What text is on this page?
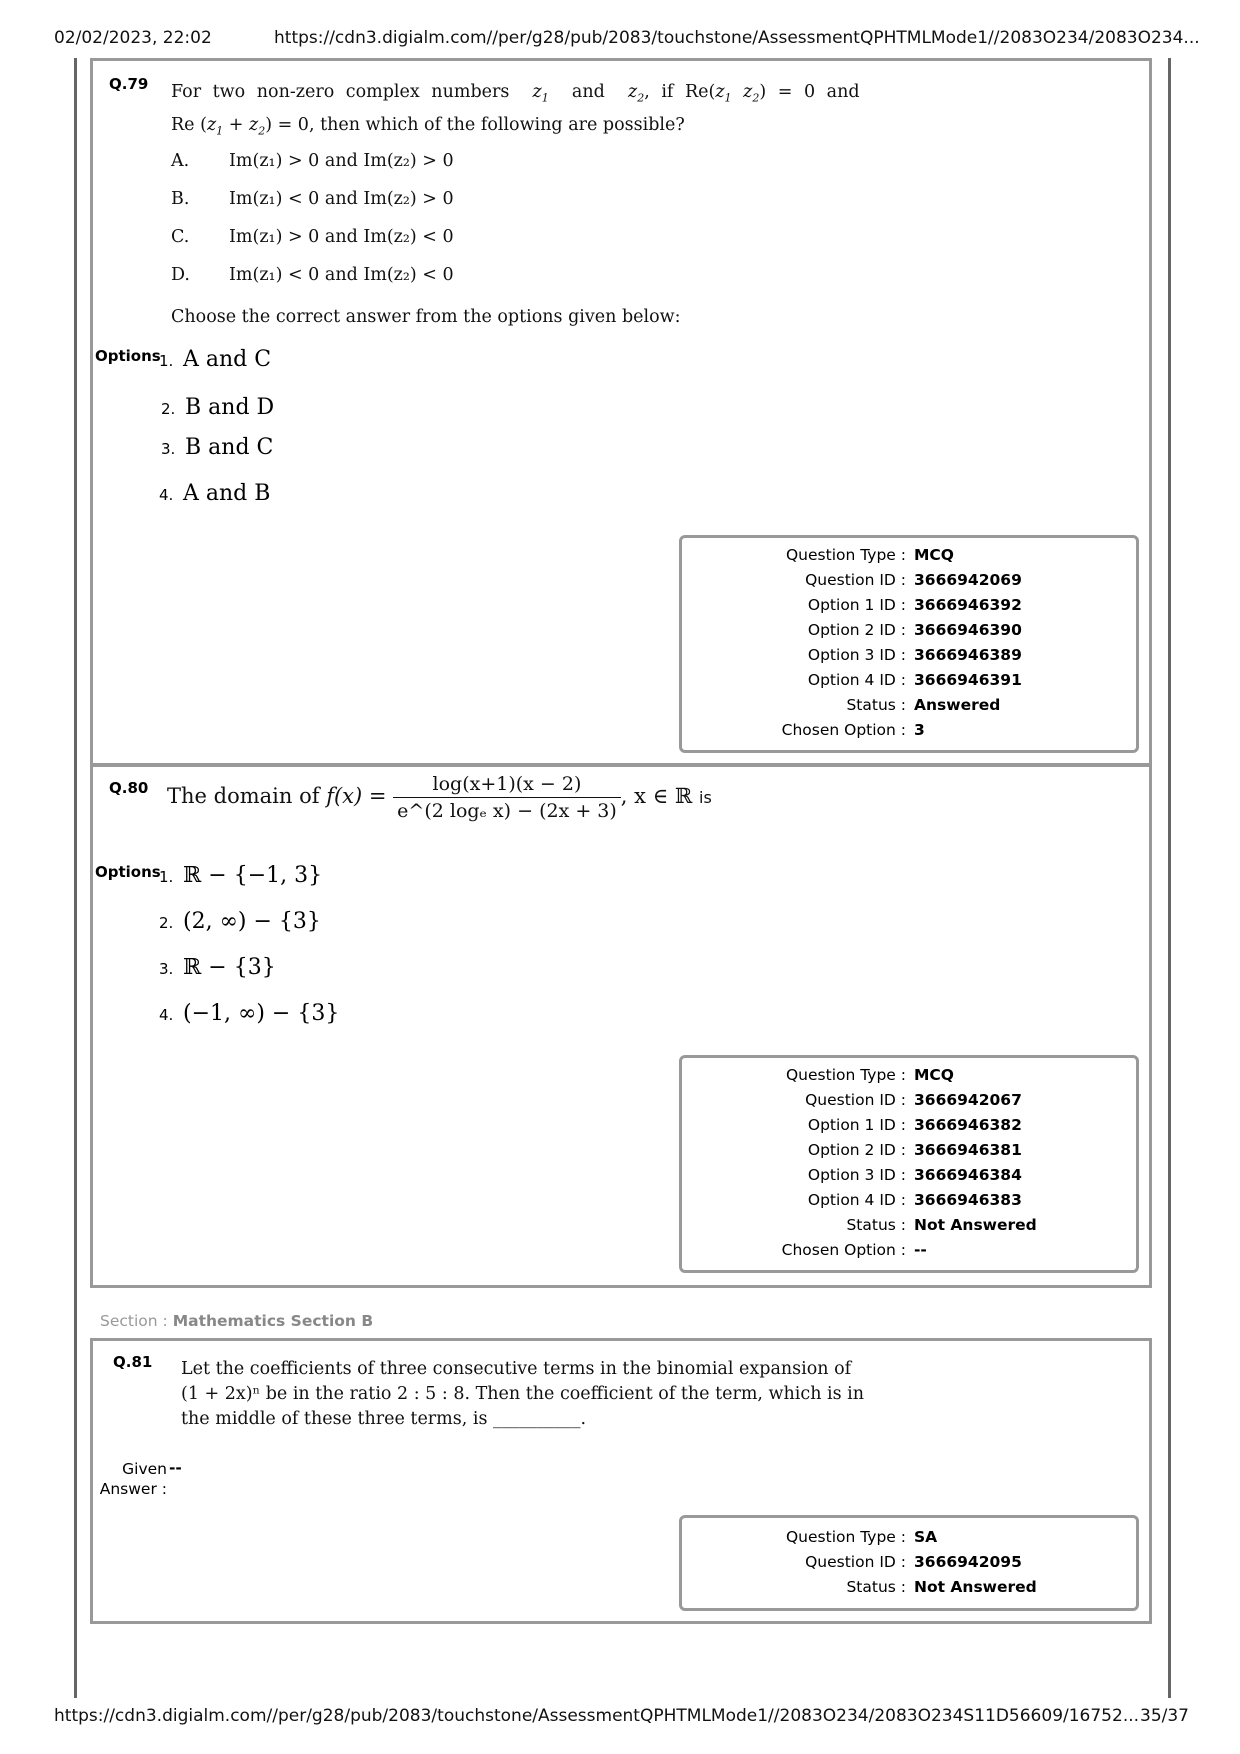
02/02/2023, 22:02	https://cdn3.digialm.com//per/g28/pub/2083/touchstone/AssessmentQPHTMLMode1//2083O234/2083O234...
Q.79 For two non-zero complex numbers  $z_1$ and  $z_2$, if $Re(z_1$ $z_2) = 0$ and
Re $(z_1 + z_2) = 0$, then which of the following are possible?
A. Im(z₁) > 0 and Im(z₂) > 0
B. Im(z₁) < 0 and Im(z₂) > 0
C. Im(z₁) > 0 and Im(z₂) < 0
D. Im(z₁) < 0 and Im(z₂) < 0
Choose the correct answer from the options given below:
Options
1. A and C
2. B and D
3. B and C
4. A and B
Question Type : MCQ
Question ID : 3666942069
Option 1 ID : 3666946392
Option 2 ID : 3666946390
Option 3 ID : 3666946389
Option 4 ID : 3666946391
Status : Answered
Chosen Option : 3
Q.80 The domain of $f(x) = \frac{\log(x+1)(x - 2)}{\text{e\textasciicircum{}(2 logₑ x) − (2x + 3)}}$ , x ∈ ℝ is
Options
1. ℝ − {−1, 3}
2. (2, ∞) − {3}
3. ℝ − {3}
4. (−1, ∞) − {3}
Question Type : MCQ
Question ID : 3666942067
Option 1 ID : 3666946382
Option 2 ID : 3666946381
Option 3 ID : 3666946384
Option 4 ID : 3666946383
Status : Not Answered
Chosen Option : --
Section : Mathematics Section B
Q.81 Let the coefficients of three consecutive terms in the binomial expansion of
(1 + 2x)ⁿ be in the ratio 2 : 5 : 8. Then the coefficient of the term, which is in
the middle of these three terms, is __________.
Given
Answer :
--
Question Type : SA
Question ID : 3666942095
Status : Not Answered
https://cdn3.digialm.com//per/g28/pub/2083/touchstone/AssessmentQPHTMLMode1//2083O234/2083O234S11D56609/16752... 35/37
